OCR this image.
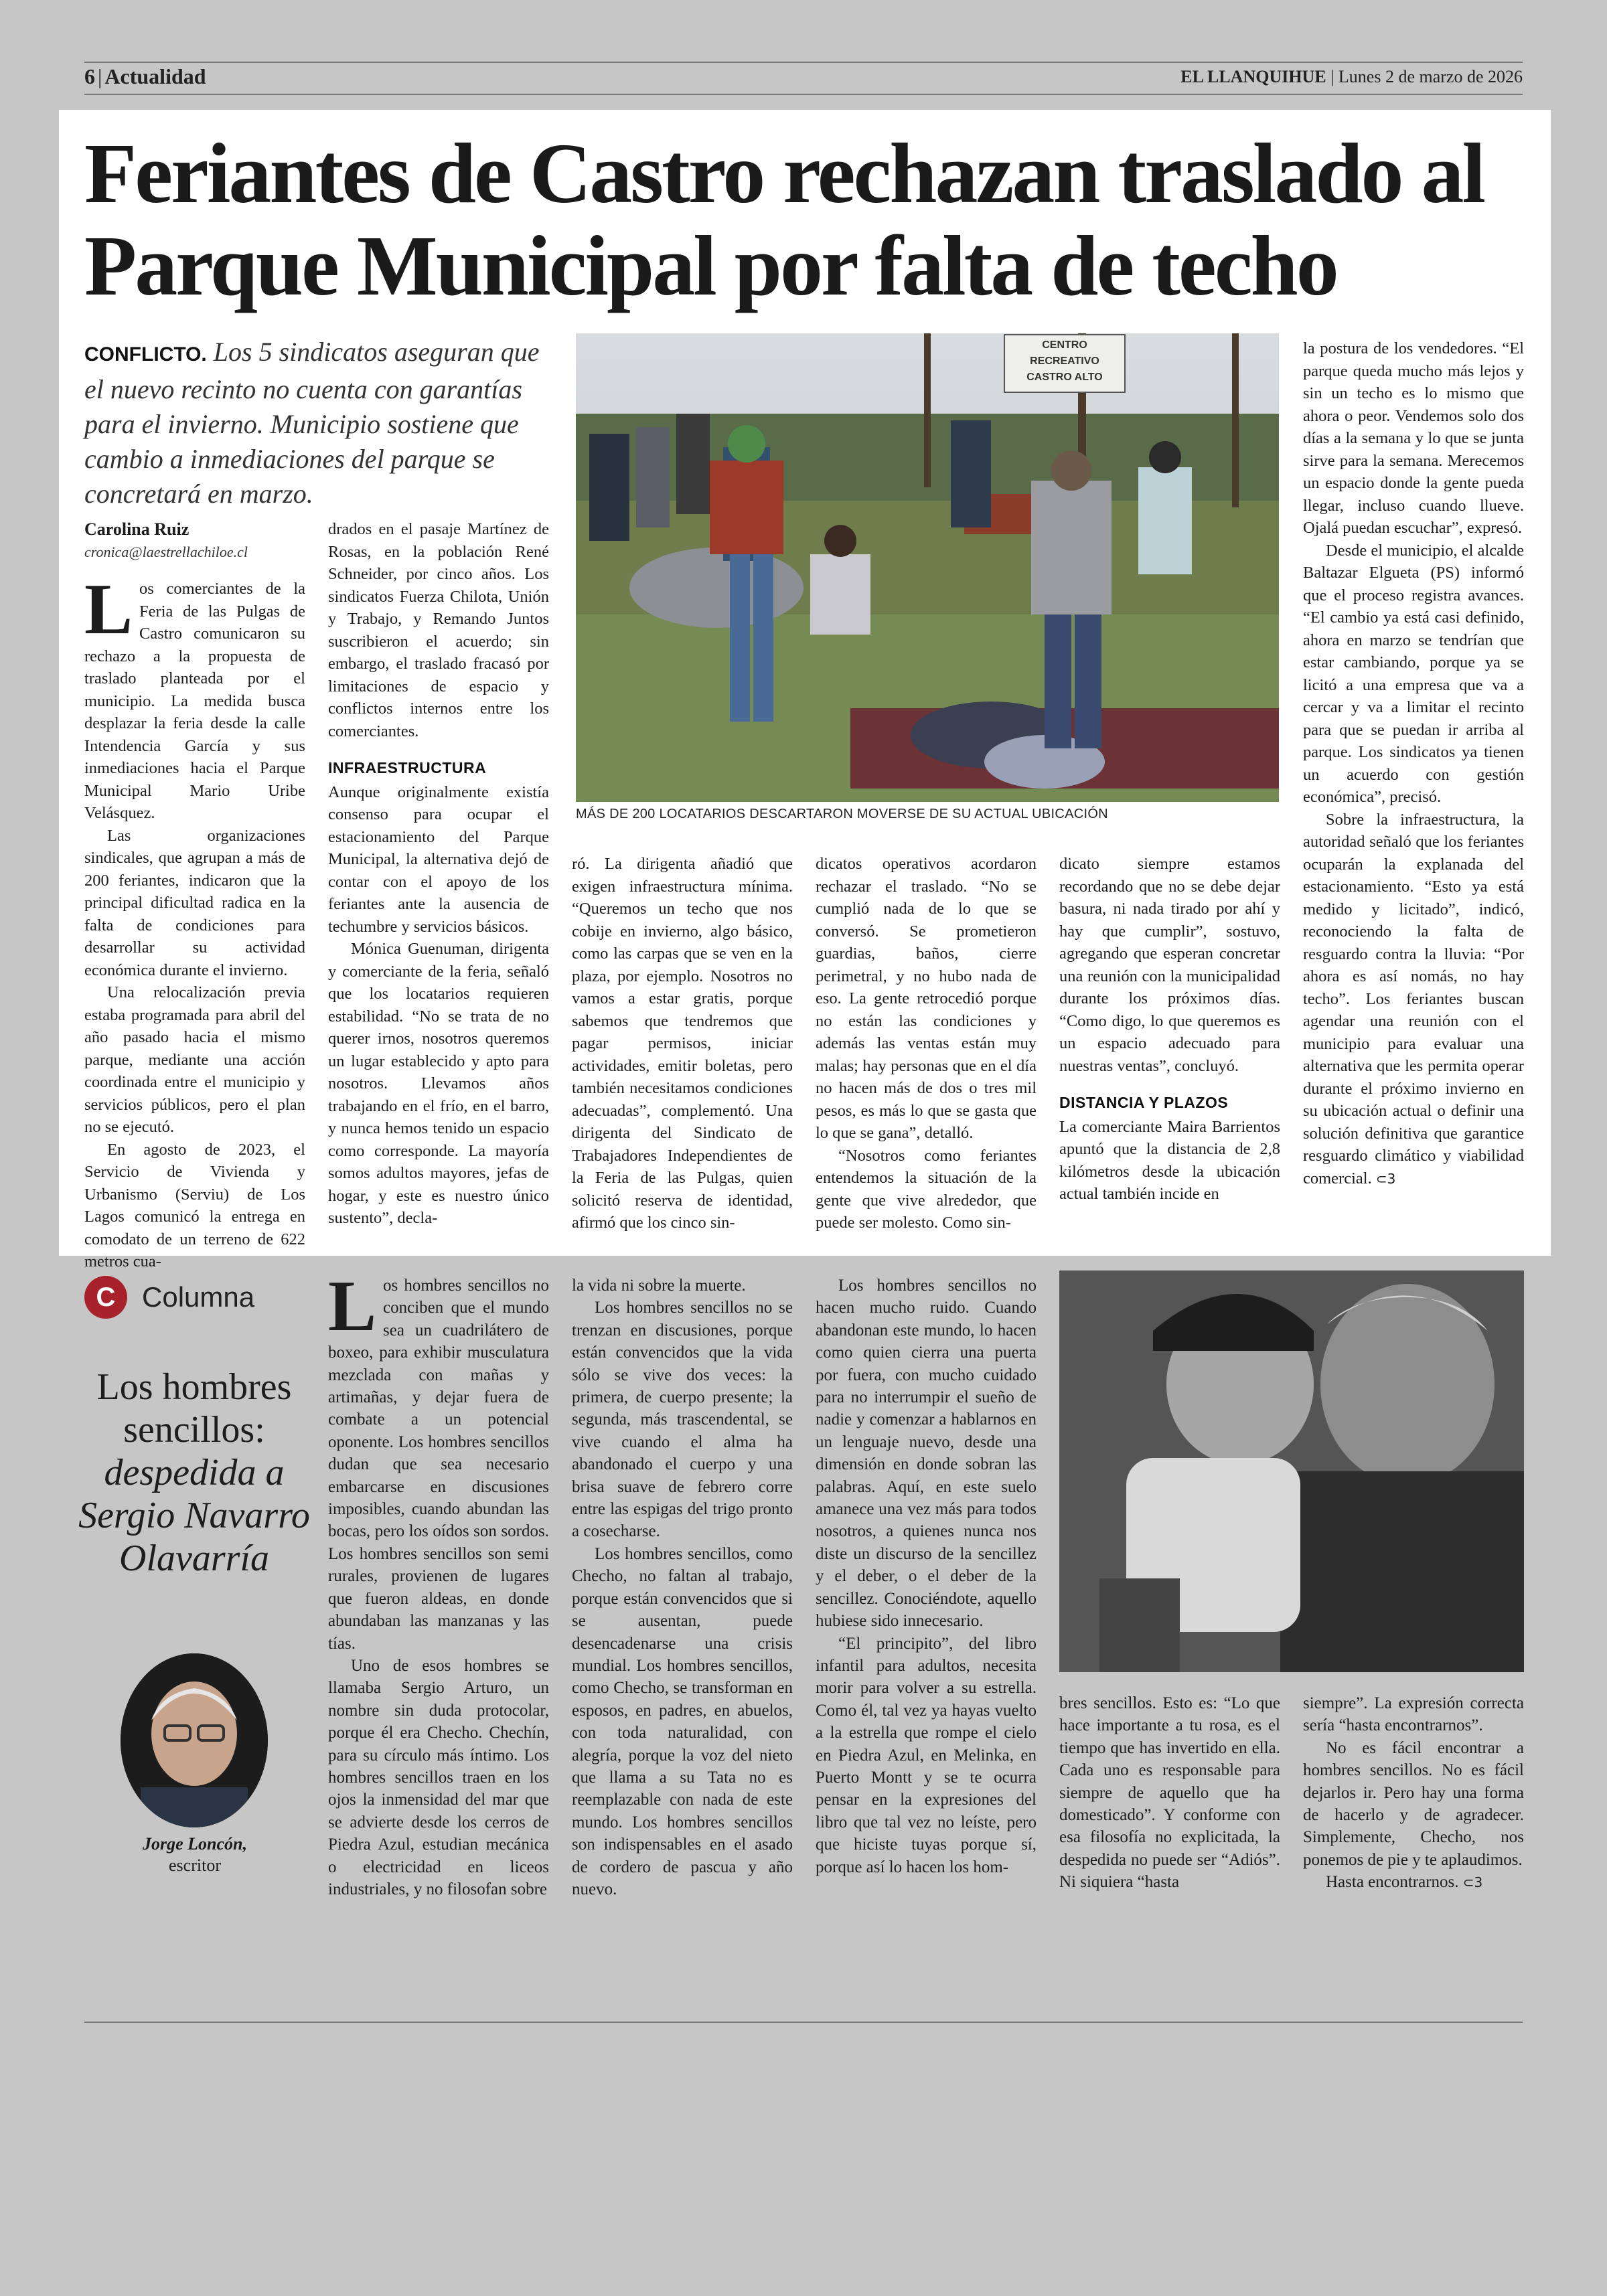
6 | Actualidad	EL LLANQUIHUE | Lunes 2 de marzo de 2026
Feriantes de Castro rechazan traslado al Parque Municipal por falta de techo
CONFLICTO. Los 5 sindicatos aseguran que el nuevo recinto no cuenta con garantías para el invierno. Municipio sostiene que cambio a inmediaciones del parque se concretará en marzo.
Carolina Ruiz
cronica@laestrellachiloe.cl

Los comerciantes de la Feria de las Pulgas de Castro comunicaron su rechazo a la propuesta de traslado planteada por el municipio. La medida busca desplazar la feria desde la calle Intendencia García y sus inmediaciones hacia el Parque Municipal Mario Uribe Velásquez.

Las organizaciones sindicales, que agrupan a más de 200 feriantes, indicaron que la principal dificultad radica en la falta de condiciones para desarrollar su actividad económica durante el invierno.

Una relocalización previa estaba programada para abril del año pasado hacia el mismo parque, mediante una acción coordinada entre el municipio y servicios públicos, pero el plan no se ejecutó.

En agosto de 2023, el Servicio de Vivienda y Urbanismo (Serviu) de Los Lagos comunicó la entrega en comodato de un terreno de 622 metros cua-

drados en el pasaje Martínez de Rosas, en la población René Schneider, por cinco años. Los sindicatos Fuerza Chilota, Unión y Trabajo, y Remando Juntos suscribieron el acuerdo; sin embargo, el traslado fracasó por limitaciones de espacio y conflictos internos entre los comerciantes.

INFRAESTRUCTURA

Aunque originalmente existía consenso para ocupar el estacionamiento del Parque Municipal, la alternativa dejó de contar con el apoyo de los feriantes ante la ausencia de techumbre y servicios básicos.

Mónica Guenuman, dirigenta y comerciante de la feria, señaló que los locatarios requieren estabilidad. “No se trata de no querer irnos, nosotros queremos un lugar establecido y apto para nosotros. Llevamos años trabajando en el frío, en el barro, y nunca hemos tenido un espacio como corresponde. La mayoría somos adultos mayores, jefas de hogar, y este es nuestro único sustento”, decla-

CENTRO
RECREATIVO
CASTRO ALTO
MÁS DE 200 LOCATARIOS DESCARTARON MOVERSE DE SU ACTUAL UBICACIÓN

ró. La dirigenta añadió que exigen infraestructura mínima. “Queremos un techo que nos cobije en invierno, algo básico, como las carpas que se ven en la plaza, por ejemplo. Nosotros no vamos a estar gratis, porque sabemos que tendremos que pagar permisos, iniciar actividades, emitir boletas, pero también necesitamos condiciones adecuadas”, complementó. Una dirigenta del Sindicato de Trabajadores Independientes de la Feria de las Pulgas, quien solicitó reserva de identidad, afirmó que los cinco sin-

dicatos operativos acordaron rechazar el traslado. “No se cumplió nada de lo que se conversó. Se prometieron guardias, baños, cierre perimetral, y no hubo nada de eso. La gente retrocedió porque no están las condiciones y además las ventas están muy malas; hay personas que en el día no hacen más de dos o tres mil pesos, es más lo que se gasta que lo que se gana”, detalló.

“Nosotros como feriantes entendemos la situación de la gente que vive alrededor, que puede ser molesto. Como sin-

dicato siempre estamos recordando que no se debe dejar basura, ni nada tirado por ahí y hay que cumplir”, sostuvo, agregando que esperan concretar una reunión con la municipalidad durante los próximos días. “Como digo, lo que queremos es un espacio adecuado para nuestras ventas”, concluyó.

DISTANCIA Y PLAZOS

La comerciante Maira Barrientos apuntó que la distancia de 2,8 kilómetros desde la ubicación actual también incide en

la postura de los vendedores. “El parque queda mucho más lejos y sin un techo es lo mismo que ahora o peor. Vendemos solo dos días a la semana y lo que se junta sirve para la semana. Merecemos un espacio donde la gente pueda llegar, incluso cuando llueve. Ojalá puedan escuchar”, expresó.

Desde el municipio, el alcalde Baltazar Elgueta (PS) informó que el proceso registra avances. “El cambio ya está casi definido, ahora en marzo se tendrían que estar cambiando, porque ya se licitó a una empresa que va a cercar y va a limitar el recinto para que se puedan ir arriba al parque. Los sindicatos ya tienen un acuerdo con gestión económica”, precisó.

Sobre la infraestructura, la autoridad señaló que los feriantes ocuparán la explanada del estacionamiento. “Esto ya está medido y licitado”, indicó, reconociendo la falta de resguardo contra la lluvia: “Por ahora es así nomás, no hay techo”. Los feriantes buscan agendar una reunión con el municipio para evaluar una alternativa que les permita operar durante el próximo invierno en su ubicación actual o definir una solución definitiva que garantice resguardo climático y viabilidad comercial. ⊂3

C Columna
Los hombres sencillos:
despedida a Sergio Navarro Olavarría
Jorge Loncón,
escritor

Los hombres sencillos no conciben que el mundo sea un cuadrilátero de boxeo, para exhibir musculatura mezclada con mañas y artimañas, y dejar fuera de combate a un potencial oponente. Los hombres sencillos dudan que sea necesario embarcarse en discusiones imposibles, cuando abundan las bocas, pero los oídos son sordos. Los hombres sencillos son semi rurales, provienen de lugares que fueron aldeas, en donde abundaban las manzanas y las tías.

Uno de esos hombres se llamaba Sergio Arturo, un nombre sin duda protocolar, porque él era Checho. Chechín, para su círculo más íntimo. Los hombres sencillos traen en los ojos la inmensidad del mar que se advierte desde los cerros de Piedra Azul, estudian mecánica o electricidad en liceos industriales, y no filosofan sobre

la vida ni sobre la muerte.

Los hombres sencillos no se trenzan en discusiones, porque están convencidos que la vida sólo se vive dos veces: la primera, de cuerpo presente; la segunda, más trascendental, se vive cuando el alma ha abandonado el cuerpo y una brisa suave de febrero corre entre las espigas del trigo pronto a cosecharse.

Los hombres sencillos, como Checho, no faltan al trabajo, porque están convencidos que si se ausentan, puede desencadenarse una crisis mundial. Los hombres sencillos, como Checho, se transforman en esposos, en padres, en abuelos, con toda naturalidad, con alegría, porque la voz del nieto que llama a su Tata no es reemplazable con nada de este mundo. Los hombres sencillos son indispensables en el asado de cordero de pascua y año nuevo.

Los hombres sencillos no hacen mucho ruido. Cuando abandonan este mundo, lo hacen como quien cierra una puerta por fuera, con mucho cuidado para no interrumpir el sueño de nadie y comenzar a hablarnos en un lenguaje nuevo, desde una dimensión en donde sobran las palabras. Aquí, en este suelo amanece una vez más para todos nosotros, a quienes nunca nos diste un discurso de la sencillez y el deber, o el deber de la sencillez. Conociéndote, aquello hubiese sido innecesario.

“El principito”, del libro infantil para adultos, necesita morir para volver a su estrella. Como él, tal vez ya hayas vuelto a la estrella que rompe el cielo en Piedra Azul, en Melinka, en Puerto Montt y se te ocurra pensar en la expresiones del libro que tal vez no leíste, pero que hiciste tuyas porque sí, porque así lo hacen los hom-

bres sencillos. Esto es: “Lo que hace importante a tu rosa, es el tiempo que has invertido en ella. Cada uno es responsable para siempre de aquello que ha domesticado”. Y conforme con esa filosofía no explicitada, la despedida no puede ser “Adiós”. Ni siquiera “hasta

siempre”. La expresión correcta sería “hasta encontrarnos”.

No es fácil encontrar a hombres sencillos. No es fácil dejarlos ir. Pero hay una forma de hacerlo y de agradecer. Simplemente, Checho, nos ponemos de pie y te aplaudimos.

Hasta encontrarnos. ⊂3
